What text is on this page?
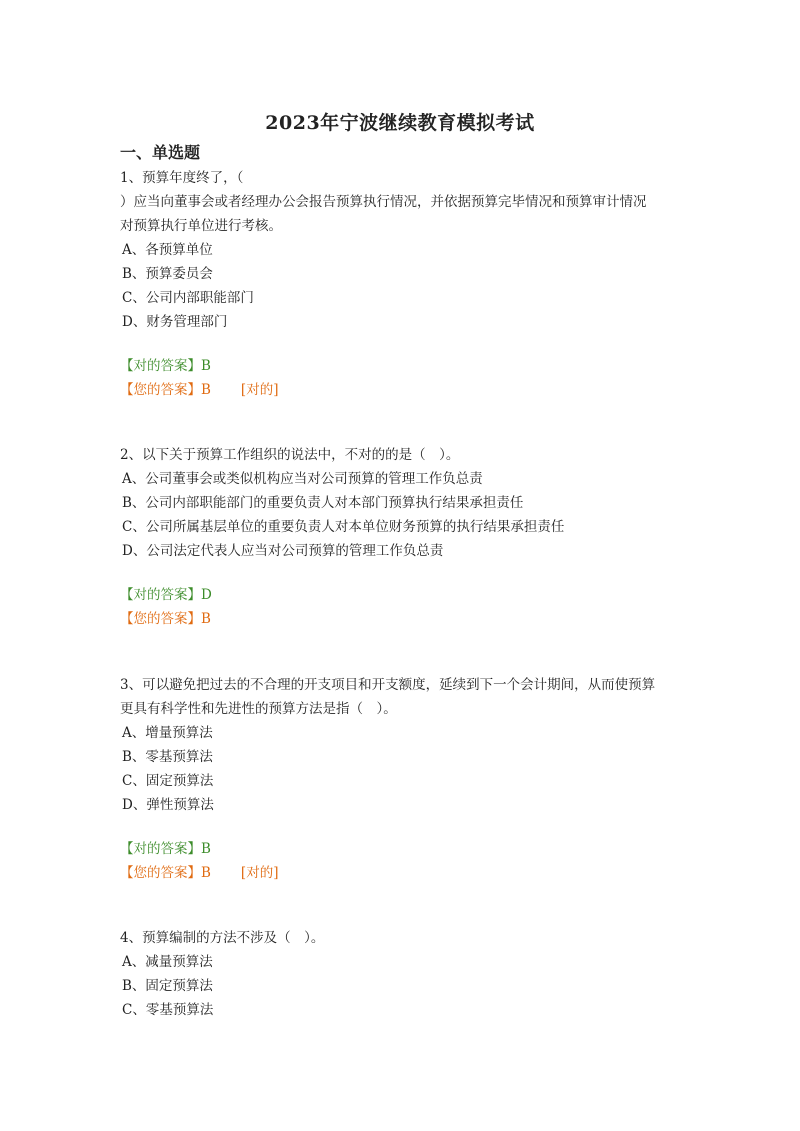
2023年宁波继续教育模拟考试
一、单选题
1、预算年度终了，（
）应当向董事会或者经理办公会报告预算执行情况，并依据预算完毕情况和预算审计情况
对预算执行单位进行考核。
A、各预算单位
B、预算委员会
C、公司内部职能部门
D、财务管理部门
【对的答案】B
【您的答案】B [对的]
2、以下关于预算工作组织的说法中，不对的的是（　）。
A、公司董事会或类似机构应当对公司预算的管理工作负总责
B、公司内部职能部门的重要负责人对本部门预算执行结果承担责任
C、公司所属基层单位的重要负责人对本单位财务预算的执行结果承担责任
D、公司法定代表人应当对公司预算的管理工作负总责
【对的答案】D
【您的答案】B
3、可以避免把过去的不合理的开支项目和开支额度，延续到下一个会计期间，从而使预算
更具有科学性和先进性的预算方法是指（　）。
A、增量预算法
B、零基预算法
C、固定预算法
D、弹性预算法
【对的答案】B
【您的答案】B [对的]
4、预算编制的方法不涉及（　）。
A、减量预算法
B、固定预算法
C、零基预算法
